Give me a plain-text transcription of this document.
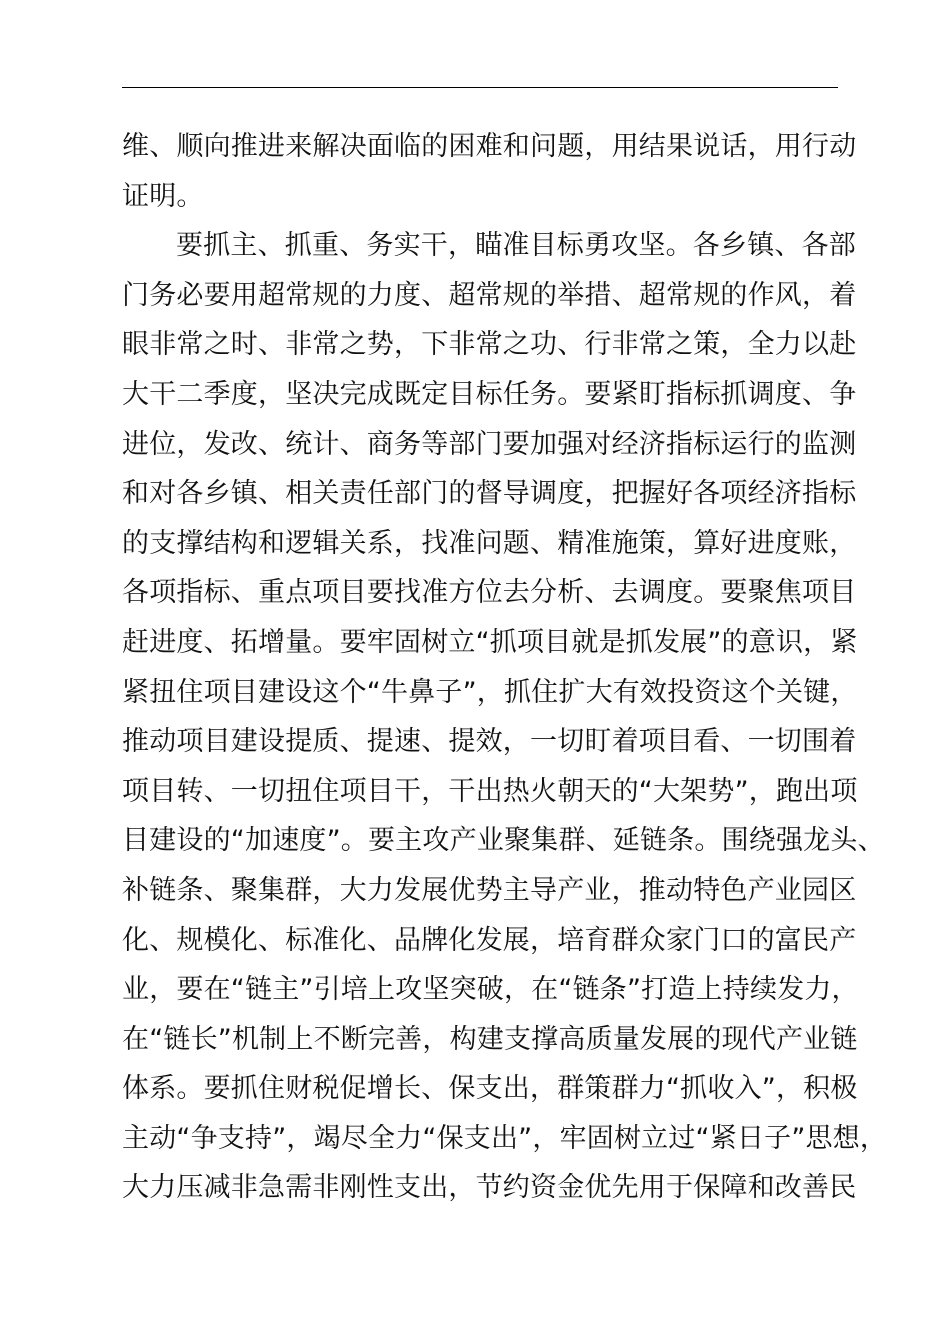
维、顺向推进来解决面临的困难和问题，用结果说话，用行动
证明。
要抓主、抓重、务实干，瞄准目标勇攻坚。各乡镇、各部
门务必要用超常规的力度、超常规的举措、超常规的作风，着
眼非常之时、非常之势，下非常之功、行非常之策，全力以赴
大干二季度，坚决完成既定目标任务。要紧盯指标抓调度、争
进位，发改、统计、商务等部门要加强对经济指标运行的监测
和对各乡镇、相关责任部门的督导调度，把握好各项经济指标
的支撑结构和逻辑关系，找准问题、精准施策，算好进度账，
各项指标、重点项目要找准方位去分析、去调度。要聚焦项目
赶进度、拓增量。要牢固树立“抓项目就是抓发展”的意识，紧
紧扭住项目建设这个“牛鼻子”，抓住扩大有效投资这个关键，
推动项目建设提质、提速、提效，一切盯着项目看、一切围着
项目转、一切扭住项目干，干出热火朝天的“大架势”，跑出项
目建设的“加速度”。要主攻产业聚集群、延链条。围绕强龙头、
补链条、聚集群，大力发展优势主导产业，推动特色产业园区
化、规模化、标准化、品牌化发展，培育群众家门口的富民产
业，要在“链主”引培上攻坚突破，在“链条”打造上持续发力，
在“链长”机制上不断完善，构建支撑高质量发展的现代产业链
体系。要抓住财税促增长、保支出，群策群力“抓收入”，积极
主动“争支持”，竭尽全力“保支出”，牢固树立过“紧日子”思想，
大力压减非急需非刚性支出，节约资金优先用于保障和改善民
